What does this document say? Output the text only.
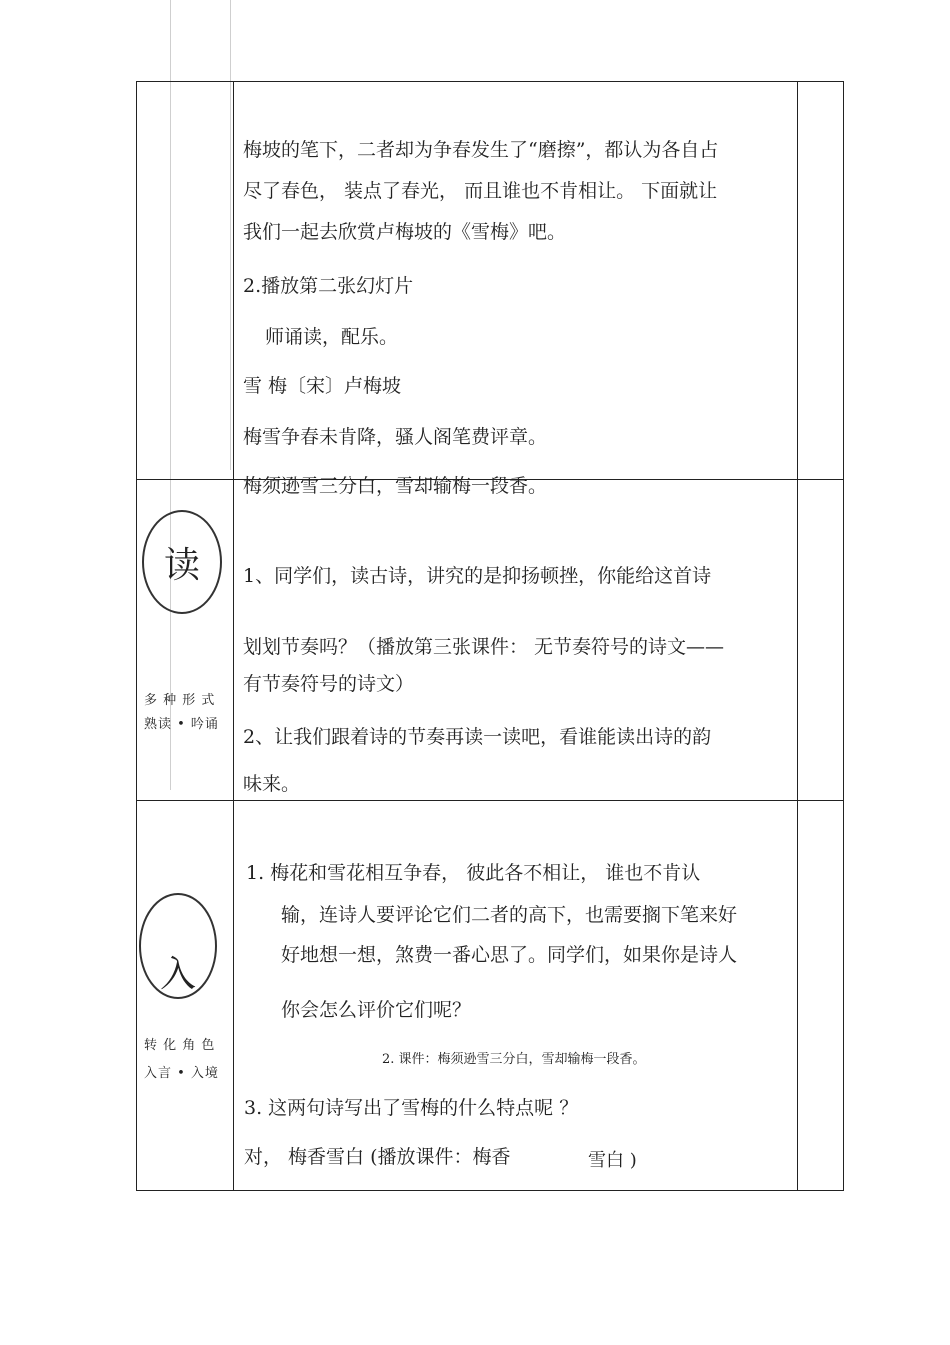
梅坡的笔下，二者却为争春发生了“磨擦”，都认为各自占
尽了春色， 装点了春光， 而且谁也不肯相让。 下面就让
我们一起去欣赏卢梅坡的《雪梅》吧。
2.播放第二张幻灯片
师诵读，配乐。
雪 梅〔宋〕卢梅坡
梅雪争春未肯降，骚人阁笔费评章。
梅须逊雪三分白，雪却输梅一段香。
读
多 种 形 式
熟读 • 吟诵
1、同学们，读古诗，讲究的是抑扬顿挫，你能给这首诗
划划节奏吗？（播放第三张课件： 无节奏符号的诗文——
有节奏符号的诗文）
2、让我们跟着诗的节奏再读一读吧，看谁能读出诗的韵
味来。
入
转 化 角 色
入言 • 入境
1. 梅花和雪花相互争春， 彼此各不相让， 谁也不肯认
输，连诗人要评论它们二者的高下，也需要搁下笔来好
好地想一想，煞费一番心思了。同学们，如果你是诗人
你会怎么评价它们呢？
2. 课件：梅须逊雪三分白，雪却输梅一段香。
3. 这两句诗写出了雪梅的什么特点呢 ？
对， 梅香雪白 (播放课件：梅香	雪白 )
